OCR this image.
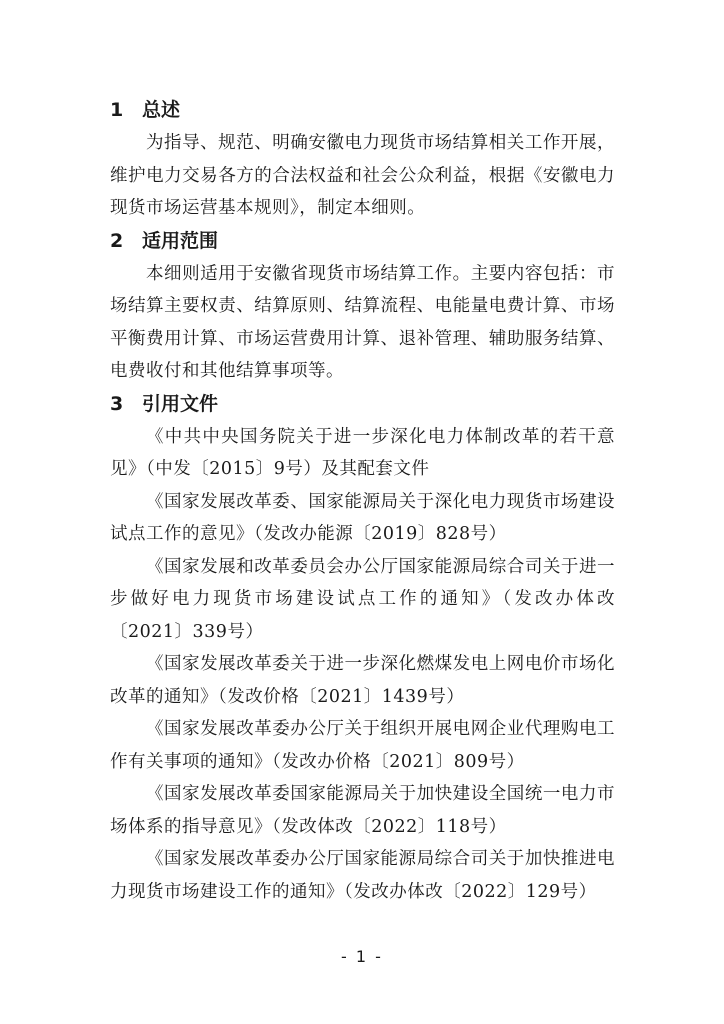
1 总述

为指导、规范、明确安徽电力现货市场结算相关工作开展，维护电力交易各方的合法权益和社会公众利益，根据《安徽电力现货市场运营基本规则》，制定本细则。

2 适用范围

本细则适用于安徽省现货市场结算工作。主要内容包括：市场结算主要权责、结算原则、结算流程、电能量电费计算、市场平衡费用计算、市场运营费用计算、退补管理、辅助服务结算、电费收付和其他结算事项等。

3 引用文件

《中共中央国务院关于进一步深化电力体制改革的若干意见》（中发〔2015〕9号）及其配套文件

《国家发展改革委、国家能源局关于深化电力现货市场建设试点工作的意见》（发改办能源〔2019〕828号）

《国家发展和改革委员会办公厅国家能源局综合司关于进一步做好电力现货市场建设试点工作的通知》（发改办体改〔2021〕339号）

《国家发展改革委关于进一步深化燃煤发电上网电价市场化改革的通知》（发改价格〔2021〕1439号）

《国家发展改革委办公厅关于组织开展电网企业代理购电工作有关事项的通知》（发改办价格〔2021〕809号）

《国家发展改革委国家能源局关于加快建设全国统一电力市场体系的指导意见》（发改体改〔2022〕118号）

《国家发展改革委办公厅国家能源局综合司关于加快推进电力现货市场建设工作的通知》（发改办体改〔2022〕129号）

- 1 -
